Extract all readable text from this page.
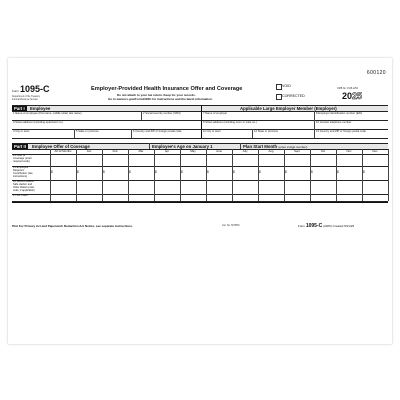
600120
Form 1095-C
Department of the Treasury
Internal Revenue Service
Employer-Provided Health Insurance Offer and Coverage
Do not attach to your tax return. Keep for your records.
Go to www.irs.gov/Form1095C for instructions and the latest information.
VOID
CORRECTED
OMB No. 1545-2251
2025
Part I	Employee	Applicable Large Employer Member (Employer)
1 Name of employee (first name, middle initial, last name)	2 Social security number (SSN)	7 Name of employer	8 Employer identification number (EIN)
3 Street address (including apartment no.)	9 Street address (including room or suite no.)	10 Contact telephone number
4 City or town	5 State or province	6 Country and ZIP or foreign postal code	11 City or town	12 State or province	13 Country and ZIP or foreign postal code
Part II	Employee Offer of Coverage	Employee's Age on January 1	Plan Start Month (enter 2-digit number):
All 12 Months	Jan	Feb	Mar	Apr	May	June	July	Aug	Sept	Oct	Nov	Dec
14 Offer of
Coverage (enter
required code)
15 Employee
Required
Contribution (see
instructions)
$	$	$	$	$	$	$	$	$	$	$	$	$
16 Section 4980H
Safe Harbor and
Other Relief (enter
code, if applicable)
17 ZIP Code
PAA For Privacy Act and Paperwork Reduction Act Notice, see separate instructions.	Cat. No. 60705M	Form 1095-C (2025) Created 5/21/25
